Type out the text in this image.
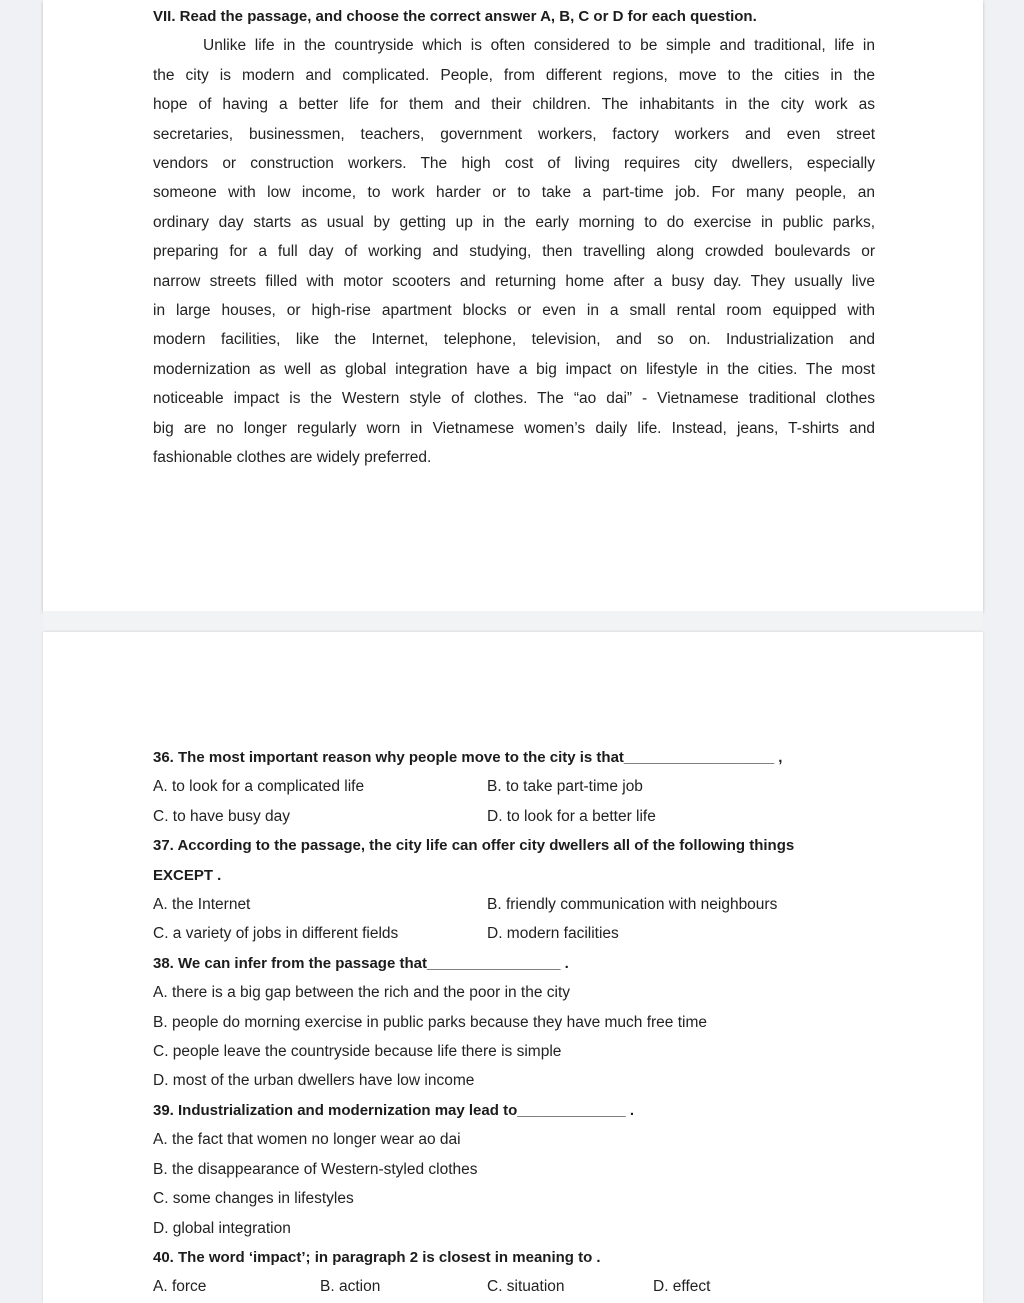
VII. Read the passage, and choose the correct answer A, B, C or D for each question.
Unlike life in the countryside which is often considered to be simple and traditional, life in
the city is modern and complicated. People, from different regions, move to the cities in the
hope of having a better life for them and their children. The inhabitants in the city work as
secretaries, businessmen, teachers, government workers, factory workers and even street
vendors or construction workers. The high cost of living requires city dwellers, especially
someone with low income, to work harder or to take a part-time job. For many people, an
ordinary day starts as usual by getting up in the early morning to do exercise in public parks,
preparing for a full day of working and studying, then travelling along crowded boulevards or
narrow streets filled with motor scooters and returning home after a busy day. They usually live
in large houses, or high-rise apartment blocks or even in a small rental room equipped with
modern facilities, like the Internet, telephone, television, and so on. Industrialization and
modernization as well as global integration have a big impact on lifestyle in the cities. The most
noticeable impact is the Western style of clothes. The “ao dai” - Vietnamese traditional clothes
big are no longer regularly worn in Vietnamese women’s daily life. Instead, jeans, T-shirts and
fashionable clothes are widely preferred.
36. The most important reason why people move to the city is that__________________ ,
A. to look for a complicated life	B. to take part-time job
C. to have busy day	D. to look for a better life
37. According to the passage, the city life can offer city dwellers all of the following things
EXCEPT .
A. the Internet	B. friendly communication with neighbours
C. a variety of jobs in different fields	D. modern facilities
38. We can infer from the passage that________________ .
A. there is a big gap between the rich and the poor in the city
B. people do morning exercise in public parks because they have much free time
C. people leave the countryside because life there is simple
D. most of the urban dwellers have low income
39. Industrialization and modernization may lead to_____________ .
A. the fact that women no longer wear ao dai
B. the disappearance of Western-styled clothes
C. some changes in lifestyles
D. global integration
40. The word ‘impact’; in paragraph 2 is closest in meaning to .
A. force	B. action	C. situation	D. effect
